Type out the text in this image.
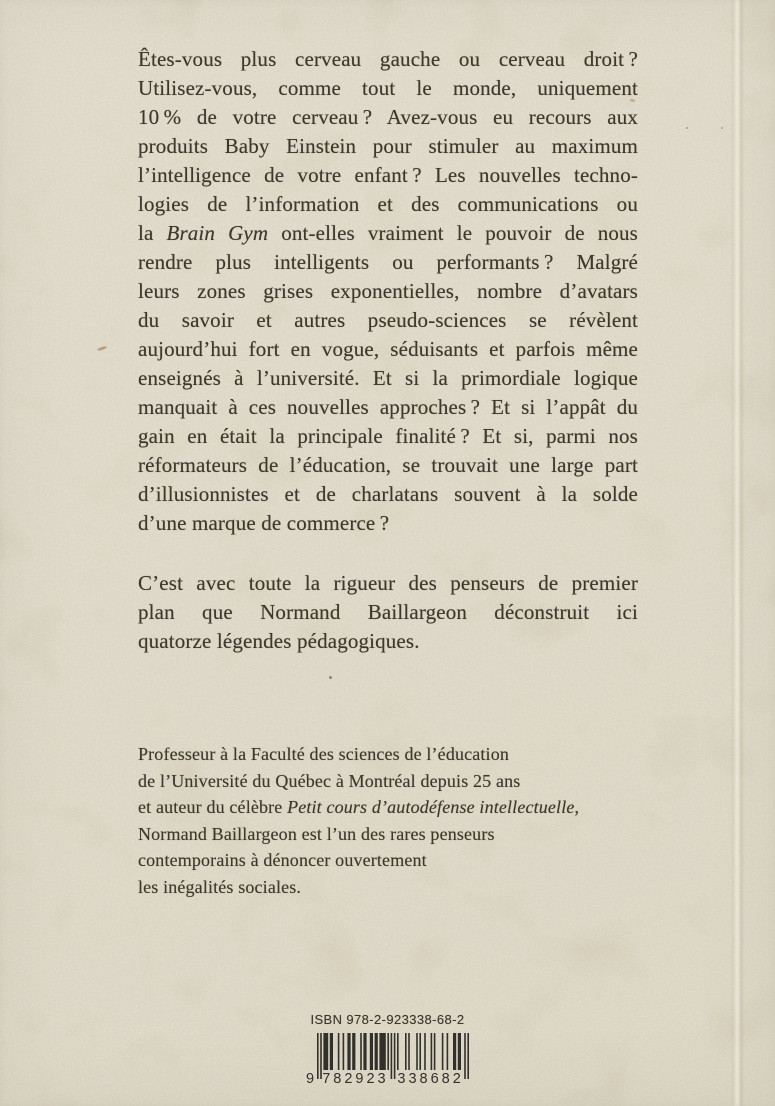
Êtes-vous plus cerveau gauche ou cerveau droit ?
Utilisez-vous, comme tout le monde, uniquement
10 % de votre cerveau ? Avez-vous eu recours aux
produits Baby Einstein pour stimuler au maximum
l’intelligence de votre enfant ? Les nouvelles techno-
logies de l’information et des communications ou
la Brain Gym ont-elles vraiment le pouvoir de nous
rendre plus intelligents ou performants ? Malgré
leurs zones grises exponentielles, nombre d’avatars
du savoir et autres pseudo-sciences se révèlent
aujourd’hui fort en vogue, séduisants et parfois même
enseignés à l’université. Et si la primordiale logique
manquait à ces nouvelles approches ? Et si l’appât du
gain en était la principale finalité ? Et si, parmi nos
réformateurs de l’éducation, se trouvait une large part
d’illusionnistes et de charlatans souvent à la solde
d’une marque de commerce ?
C’est avec toute la rigueur des penseurs de premier
plan que Normand Baillargeon déconstruit ici
quatorze légendes pédagogiques.
Professeur à la Faculté des sciences de l’éducation
de l’Université du Québec à Montréal depuis 25 ans
et auteur du célèbre Petit cours d’autodéfense intellectuelle,
Normand Baillargeon est l’un des rares penseurs
contemporains à dénoncer ouvertement
les inégalités sociales.
ISBN 978-2-923338-68-2
9 782923 338682
